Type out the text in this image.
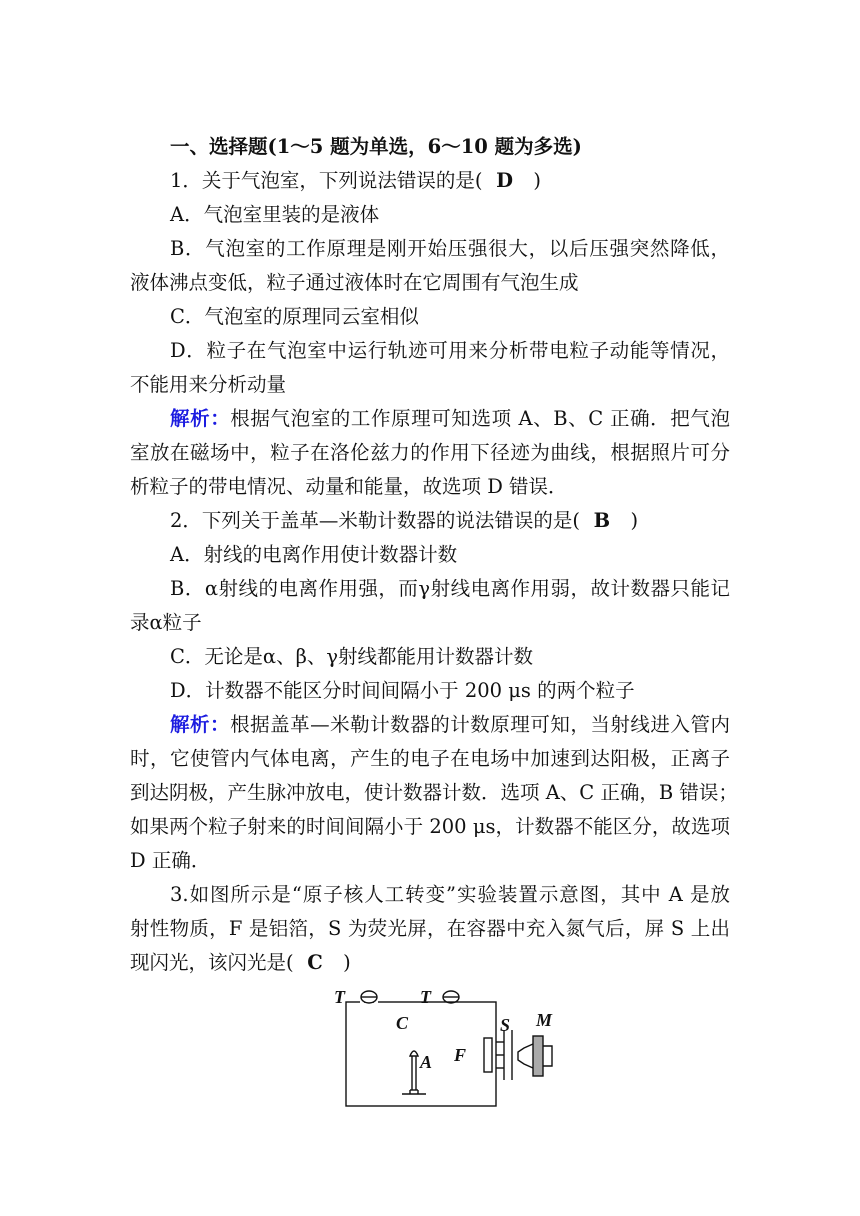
一、选择题(1～5 题为单选，6～10 题为多选)
1．关于气泡室，下列说法错误的是( D )
A．气泡室里装的是液体
B．气泡室的工作原理是刚开始压强很大，以后压强突然降低，
液体沸点变低，粒子通过液体时在它周围有气泡生成
C．气泡室的原理同云室相似
D．粒子在气泡室中运行轨迹可用来分析带电粒子动能等情况，
不能用来分析动量
解析：根据气泡室的工作原理可知选项 A、B、C 正确．把气泡
室放在磁场中，粒子在洛伦兹力的作用下径迹为曲线，根据照片可分
析粒子的带电情况、动量和能量，故选项 D 错误．
2．下列关于盖革—米勒计数器的说法错误的是( B )
A．射线的电离作用使计数器计数
B．α射线的电离作用强，而γ射线电离作用弱，故计数器只能记
录α粒子
C．无论是α、β、γ射线都能用计数器计数
D．计数器不能区分时间间隔小于 200 μs 的两个粒子
解析：根据盖革—米勒计数器的计数原理可知，当射线进入管内
时，它使管内气体电离，产生的电子在电场中加速到达阳极，正离子
到达阴极，产生脉冲放电，使计数器计数．选项 A、C 正确，B 错误；
如果两个粒子射来的时间间隔小于 200 μs，计数器不能区分，故选项
D 正确．
3.如图所示是“原子核人工转变”实验装置示意图，其中 A 是放
射性物质，F 是铝箔，S 为荧光屏，在容器中充入氮气后，屏 S 上出
现闪光，该闪光是( C )
T	T
C
A F
S M
